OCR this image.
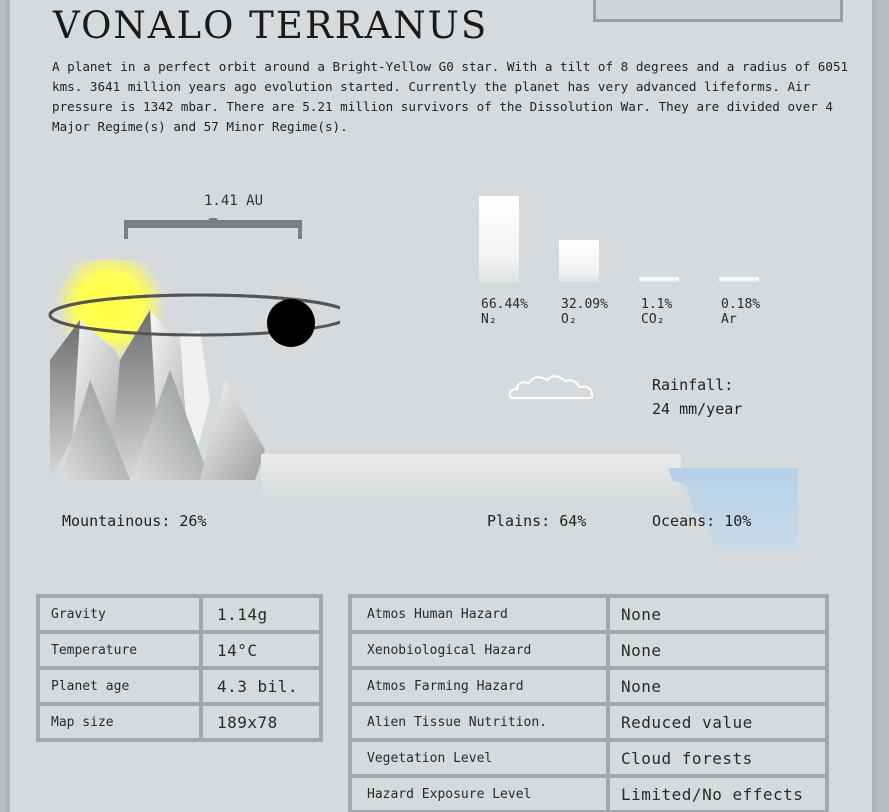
VONALO TERRANUS
A planet in a perfect orbit around a Bright-Yellow G0 star. With a tilt of 8 degrees and a radius of 6051 kms. 3641 million years ago evolution started. Currently the planet has very advanced lifeforms. Air pressure is 1342 mbar. There are 5.21 million survivors of the Dissolution War. They are divided over 4 Major Regime(s) and 57 Minor Regime(s).
1.41 AU
66.44%
N₂
32.09%
O₂
1.1%
CO₂
0.18%
Ar
Rainfall:
24 mm/year
Mountainous: 26%	Plains: 64%	Oceans: 10%
Gravity	1.14g
Temperature	14°C
Planet age	4.3 bil.
Map size	189x78
Atmos Human Hazard	None
Xenobiological Hazard	None
Atmos Farming Hazard	None
Alien Tissue Nutrition.	Reduced value
Vegetation Level	Cloud forests
Hazard Exposure Level	Limited/No effects
